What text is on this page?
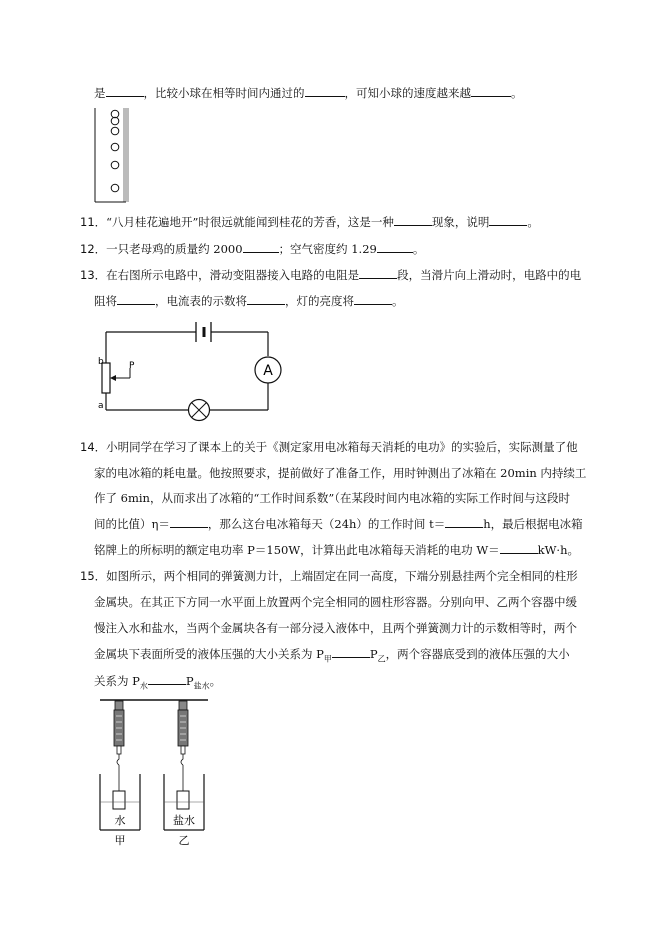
是	，比较小球在相等时间内通过的	，可知小球的速度越来越	。
11．“八月桂花遍地开”时很远就能闻到桂花的芳香，这是一种	现象，说明	。
12．一只老母鸡的质量约 2000	；空气密度约 1.29	。
13．在右图所示电路中，滑动变阻器接入电路的电阻是	段，当滑片向上滑动时，电路中的电
阻将	，电流表的示数将	，灯的亮度将	。
A
b	P
a
14．小明同学在学习了课本上的关于《测定家用电冰箱每天消耗的电功》的实验后，实际测量了他
家的电冰箱的耗电量。他按照要求，提前做好了准备工作，用时钟测出了冰箱在 20min 内持续工
作了 6min，从而求出了冰箱的“工作时间系数”（在某段时间内电冰箱的实际工作时间与这段时
间的比值）η＝	，那么这台电冰箱每天（24h）的工作时间 t＝	h，最后根据电冰箱
铭牌上的所标明的额定电功率 P＝150W，计算出此电冰箱每天消耗的电功 W＝	kW·h。
15．如图所示，两个相同的弹簧测力计，上端固定在同一高度，下端分别悬挂两个完全相同的柱形
金属块。在其正下方同一水平面上放置两个完全相同的圆柱形容器。分别向甲、乙两个容器中缓
慢注入水和盐水，当两个金属块各有一部分浸入液体中，且两个弹簧测力计的示数相等时，两个
金属块下表面所受的液体压强的大小关系为 $P_甲$	$P_乙$，两个容器底受到的液体压强的大小
关系为 $P_水$	$P_{盐水}$。
水	盐水
甲	乙
